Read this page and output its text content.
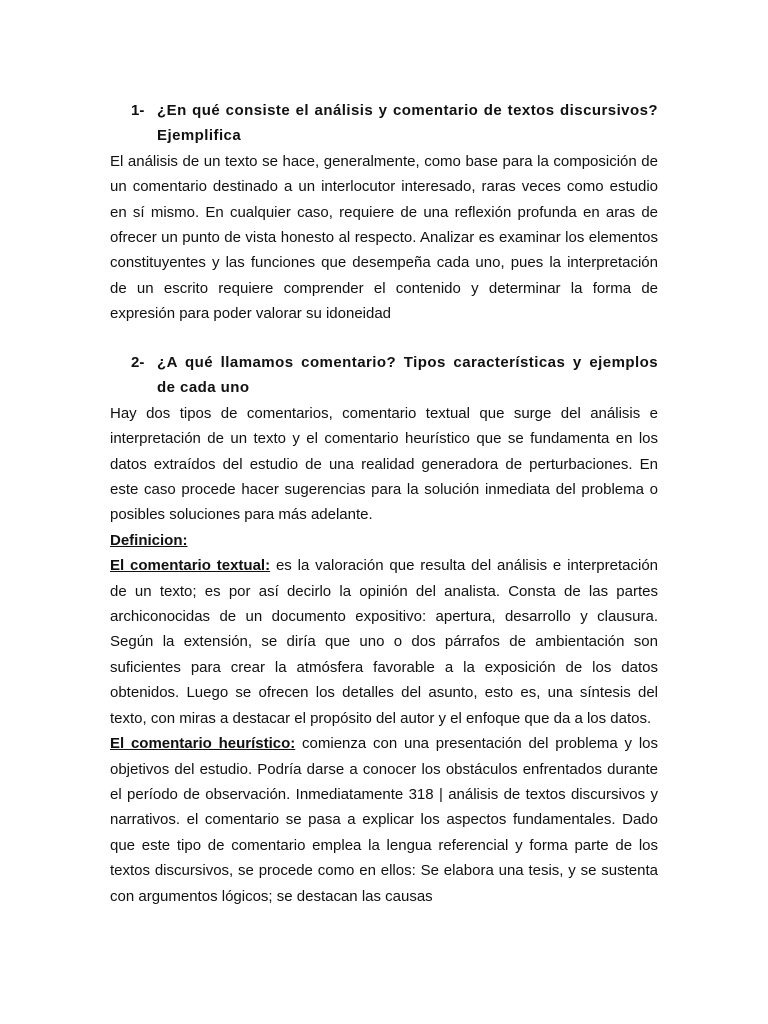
1- ¿En qué consiste el análisis y comentario de textos discursivos? Ejemplifica

El análisis de un texto se hace, generalmente, como base para la composición de un comentario destinado a un interlocutor interesado, raras veces como estudio en sí mismo. En cualquier caso, requiere de una reflexión profunda en aras de ofrecer un punto de vista honesto al respecto. Analizar es examinar los elementos constituyentes y las funciones que desempeña cada uno, pues la interpretación de un escrito requiere comprender el contenido y determinar la forma de expresión para poder valorar su idoneidad

2- ¿A qué llamamos comentario? Tipos características y ejemplos de cada uno

Hay dos tipos de comentarios, comentario textual que surge del análisis e interpretación de un texto y el comentario heurístico que se fundamenta en los datos extraídos del estudio de una realidad generadora de perturbaciones. En este caso procede hacer sugerencias para la solución inmediata del problema o posibles soluciones para más adelante.

Definicion:

El comentario textual: es la valoración que resulta del análisis e interpretación de un texto; es por así decirlo la opinión del analista. Consta de las partes archiconocidas de un documento expositivo: apertura, desarrollo y clausura. Según la extensión, se diría que uno o dos párrafos de ambientación son suficientes para crear la atmósfera favorable a la exposición de los datos obtenidos. Luego se ofrecen los detalles del asunto, esto es, una síntesis del texto, con miras a destacar el propósito del autor y el enfoque que da a los datos.

El comentario heurístico: comienza con una presentación del problema y los objetivos del estudio. Podría darse a conocer los obstáculos enfrentados durante el período de observación. Inmediatamente 318 | análisis de textos discursivos y narrativos. el comentario se pasa a explicar los aspectos fundamentales. Dado que este tipo de comentario emplea la lengua referencial y forma parte de los textos discursivos, se procede como en ellos: Se elabora una tesis, y se sustenta con argumentos lógicos; se destacan las causas
